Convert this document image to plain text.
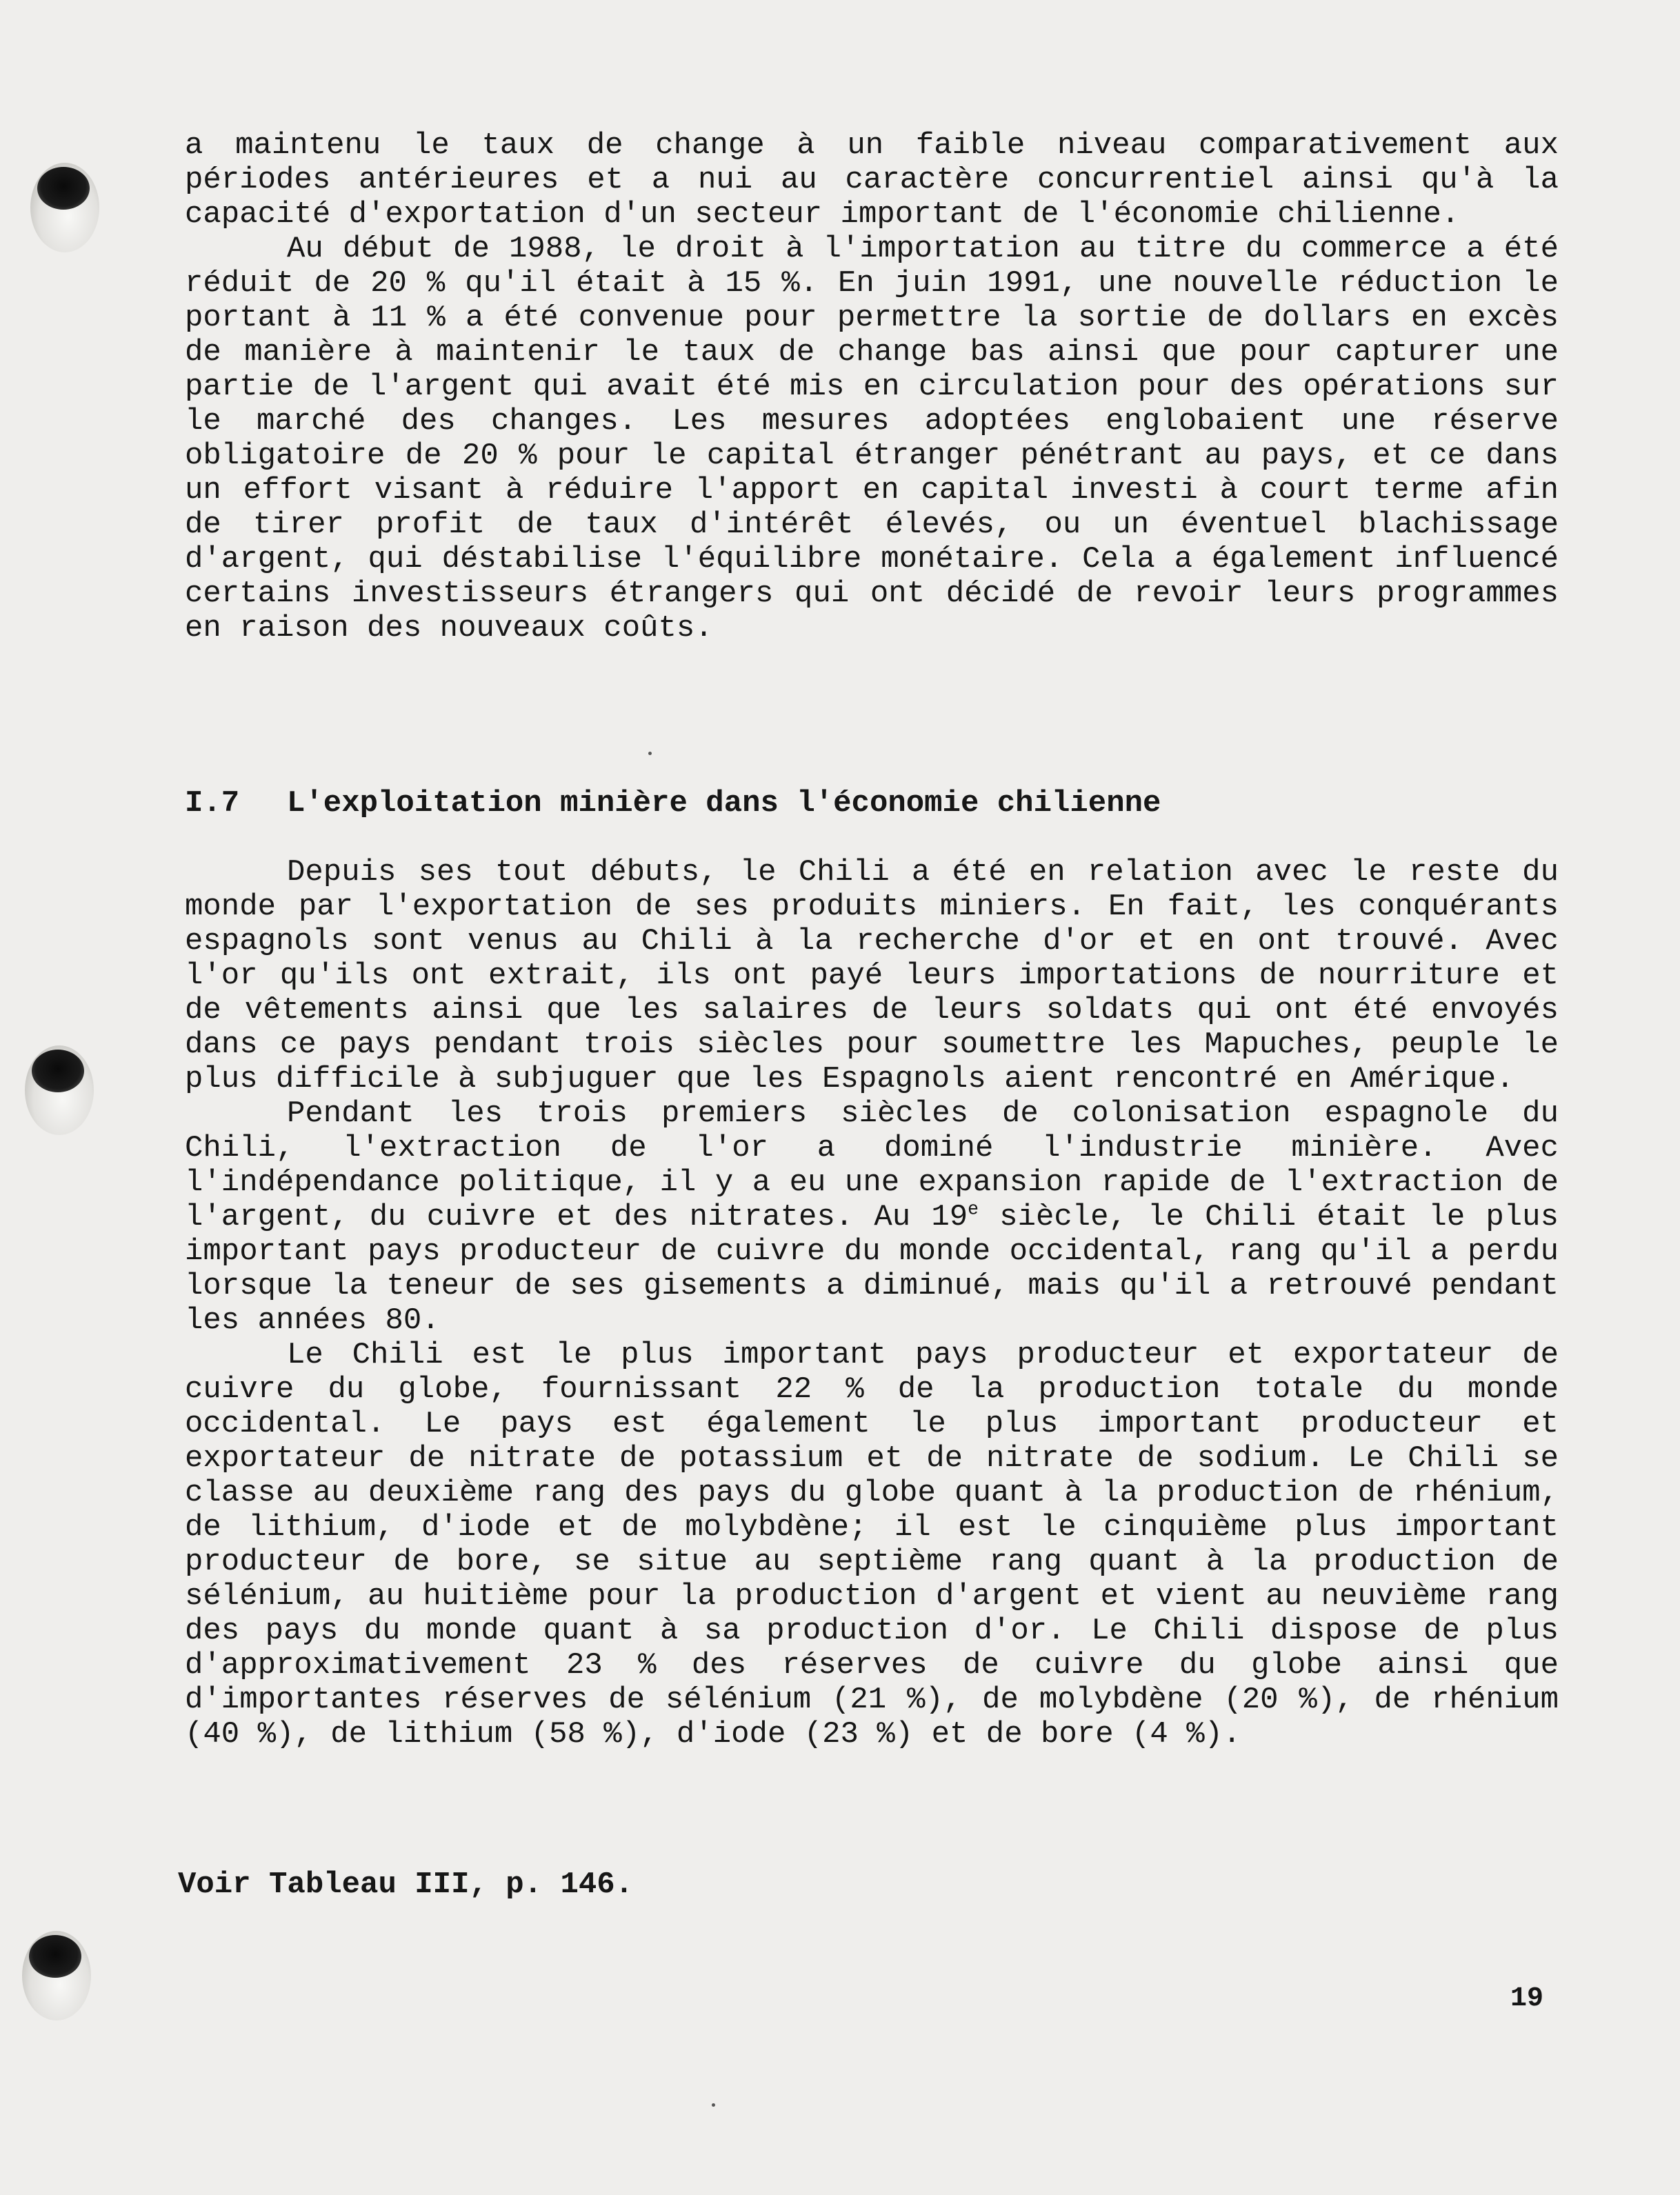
a maintenu le taux de change à un faible niveau comparativement aux périodes antérieures et a nui au caractère concurrentiel ainsi qu'à la capacité d'exportation d'un secteur important de l'économie chilienne.

Au début de 1988, le droit à l'importation au titre du commerce a été réduit de 20 % qu'il était à 15 %. En juin 1991, une nouvelle réduction le portant à 11 % a été convenue pour permettre la sortie de dollars en excès de manière à maintenir le taux de change bas ainsi que pour capturer une partie de l'argent qui avait été mis en circulation pour des opérations sur le marché des changes. Les mesures adoptées englobaient une réserve obligatoire de 20 % pour le capital étranger pénétrant au pays, et ce dans un effort visant à réduire l'apport en capital investi à court terme afin de tirer profit de taux d'intérêt élevés, ou un éventuel blachissage d'argent, qui déstabilise l'équilibre monétaire. Cela a également influencé certains investisseurs étrangers qui ont décidé de revoir leurs programmes en raison des nouveaux coûts.

I.7 L'exploitation minière dans l'économie chilienne

Depuis ses tout débuts, le Chili a été en relation avec le reste du monde par l'exportation de ses produits miniers. En fait, les conquérants espagnols sont venus au Chili à la recherche d'or et en ont trouvé. Avec l'or qu'ils ont extrait, ils ont payé leurs importations de nourriture et de vêtements ainsi que les salaires de leurs soldats qui ont été envoyés dans ce pays pendant trois siècles pour soumettre les Mapuches, peuple le plus difficile à subjuguer que les Espagnols aient rencontré en Amérique.

Pendant les trois premiers siècles de colonisation espagnole du Chili, l'extraction de l'or a dominé l'industrie minière. Avec l'indépendance politique, il y a eu une expansion rapide de l'extraction de l'argent, du cuivre et des nitrates. Au 19e siècle, le Chili était le plus important pays producteur de cuivre du monde occidental, rang qu'il a perdu lorsque la teneur de ses gisements a diminué, mais qu'il a retrouvé pendant les années 80.

Le Chili est le plus important pays producteur et exportateur de cuivre du globe, fournissant 22 % de la production totale du monde occidental. Le pays est également le plus important producteur et exportateur de nitrate de potassium et de nitrate de sodium. Le Chili se classe au deuxième rang des pays du globe quant à la production de rhénium, de lithium, d'iode et de molybdène; il est le cinquième plus important producteur de bore, se situe au septième rang quant à la production de sélénium, au huitième pour la production d'argent et vient au neuvième rang des pays du monde quant à sa production d'or. Le Chili dispose de plus d'approximativement 23 % des réserves de cuivre du globe ainsi que d'importantes réserves de sélénium (21 %), de molybdène (20 %), de rhénium (40 %), de lithium (58 %), d'iode (23 %) et de bore (4 %).

Voir Tableau III, p. 146.
19
